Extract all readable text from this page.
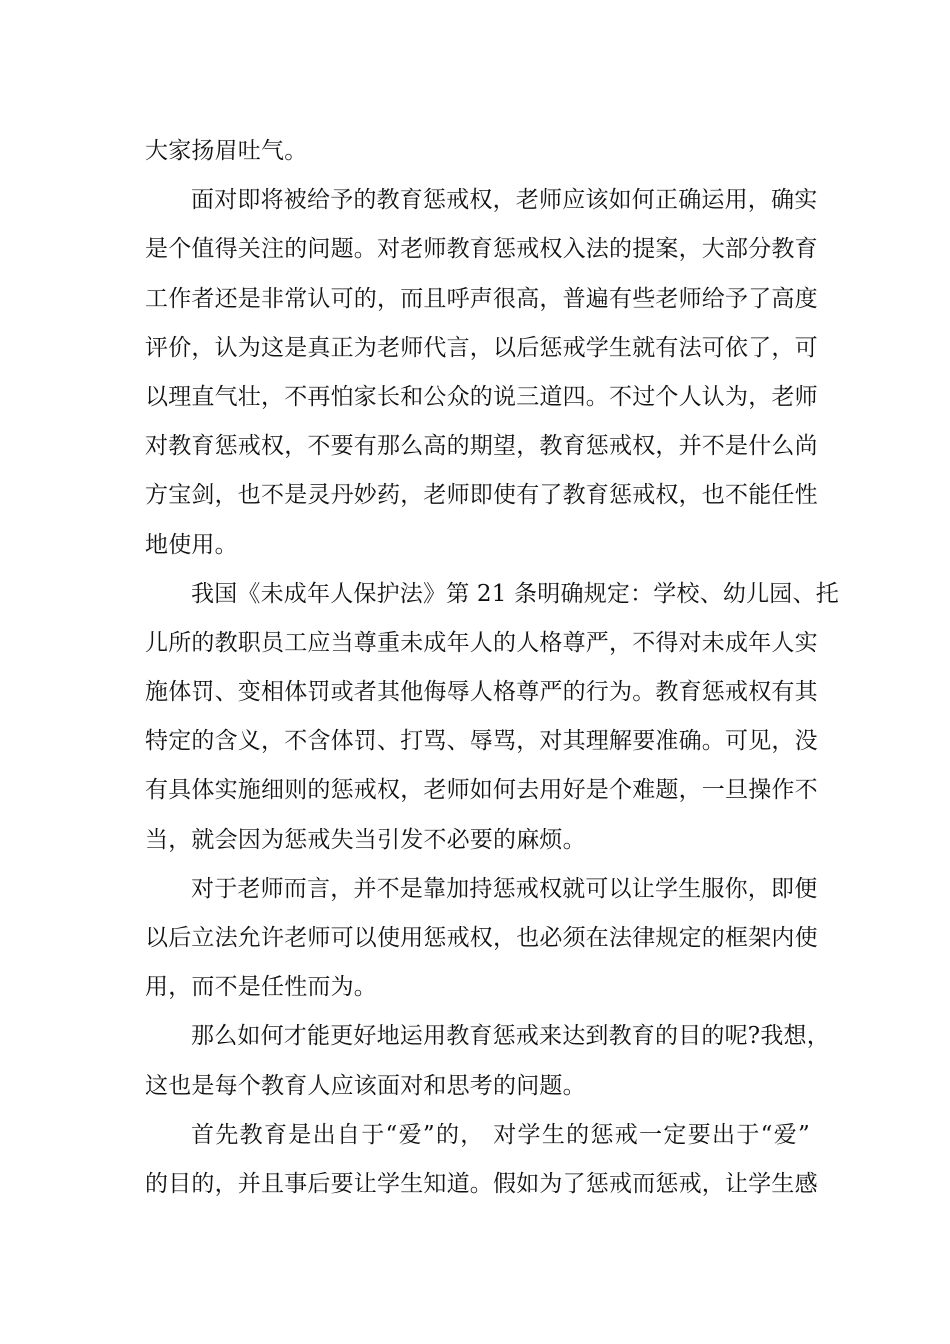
大家扬眉吐气。

面对即将被给予的教育惩戒权，老师应该如何正确运用，确实
是个值得关注的问题。对老师教育惩戒权入法的提案，大部分教育
工作者还是非常认可的，而且呼声很高，普遍有些老师给予了高度
评价，认为这是真正为老师代言，以后惩戒学生就有法可依了，可
以理直气壮，不再怕家长和公众的说三道四。不过个人认为，老师
对教育惩戒权，不要有那么高的期望，教育惩戒权，并不是什么尚
方宝剑，也不是灵丹妙药，老师即使有了教育惩戒权，也不能任性
地使用。

我国《未成年人保护法》第 21 条明确规定：学校、幼儿园、托
儿所的教职员工应当尊重未成年人的人格尊严，不得对未成年人实
施体罚、变相体罚或者其他侮辱人格尊严的行为。教育惩戒权有其
特定的含义，不含体罚、打骂、辱骂，对其理解要准确。可见，没
有具体实施细则的惩戒权，老师如何去用好是个难题，一旦操作不
当，就会因为惩戒失当引发不必要的麻烦。

对于老师而言，并不是靠加持惩戒权就可以让学生服你，即便
以后立法允许老师可以使用惩戒权，也必须在法律规定的框架内使
用，而不是任性而为。

那么如何才能更好地运用教育惩戒来达到教育的目的呢?我想，
这也是每个教育人应该面对和思考的问题。

首先教育是出自于“爱”的， 对学生的惩戒一定要出于“爱”
的目的，并且事后要让学生知道。假如为了惩戒而惩戒，让学生感
